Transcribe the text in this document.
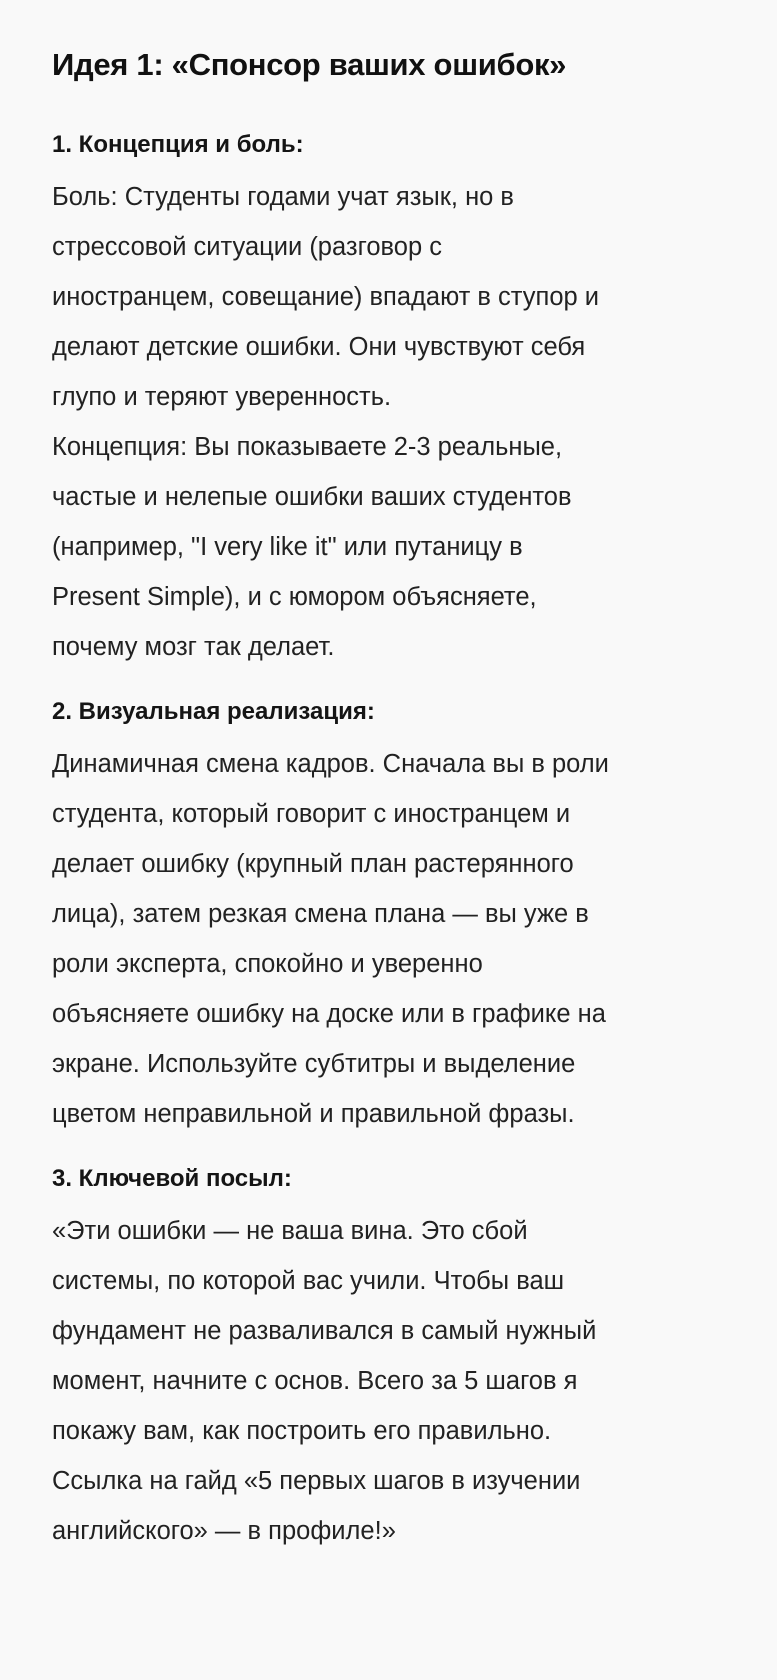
Идея 1: «Спонсор ваших ошибок»
1. Концепция и боль:
Боль: Студенты годами учат язык, но в
стрессовой ситуации (разговор с
иностранцем, совещание) впадают в ступор и
делают детские ошибки. Они чувствуют себя
глупо и теряют уверенность.
Концепция: Вы показываете 2-3 реальные,
частые и нелепые ошибки ваших студентов
(например, "I very like it" или путаницу в
Present Simple), и с юмором объясняете,
почему мозг так делает.
2. Визуальная реализация:
Динамичная смена кадров. Сначала вы в роли
студента, который говорит с иностранцем и
делает ошибку (крупный план растерянного
лица), затем резкая смена плана — вы уже в
роли эксперта, спокойно и уверенно
объясняете ошибку на доске или в графике на
экране. Используйте субтитры и выделение
цветом неправильной и правильной фразы.
3. Ключевой посыл:
«Эти ошибки — не ваша вина. Это сбой
системы, по которой вас учили. Чтобы ваш
фундамент не разваливался в самый нужный
момент, начните с основ. Всего за 5 шагов я
покажу вам, как построить его правильно.
Ссылка на гайд «5 первых шагов в изучении
английского» — в профиле!»
